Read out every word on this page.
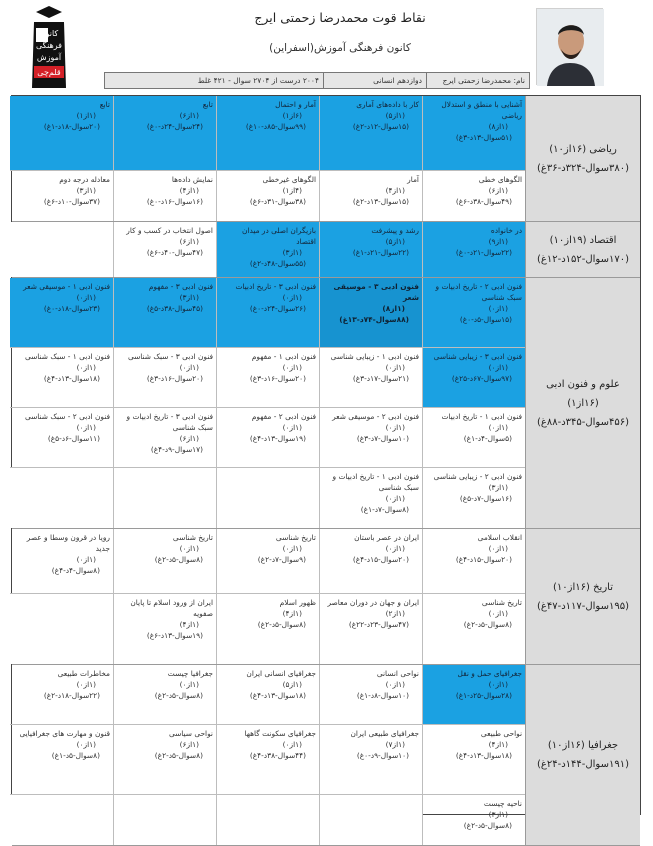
نقاط قوت محمدرضا زحمتی ایرج
کانون فرهنگی آموزش(اسفراین)
نام: محمدرضا زحمتی ایرج
دوازدهم انسانی
۲۰۰۴ درست از ۲۷۰۴ سوال - ۴۲۱ غلط
کانون
فرهنگی
آموزش
قلم‌چی
ریاضی (۱۶از۱۰) (۳۸۰سوال-۳۲۴د-۳۶غ)
آشنایی با منطق و استدلال ریاضی
(۱از۸)
(۵۱سوال-۱۳د-۳غ)
کار با داده‌های آماری
(۱از۵)
(۱۵سوال-۱۲د-۲غ)
آمار و احتمال
(۶از۱)
(۹۹سوال-۸۵د-۱۰غ)
تابع
(۱از۶)
(۲۴سوال-۲۴د-۰غ)
تابع
(۱از۱)
(۲۰سوال-۱۸د-۱غ)
الگوهای خطی
(۱از۶)
(۴۹سوال-۳۸د-۶غ)
آمار
(۱از۴)
(۱۵سوال-۱۳د-۲غ)
الگوهای غیرخطی
(۴از۱)
(۳۸سوال-۳۱د-۶غ)
نمایش داده‌ها
(۱از۴)
(۱۶سوال-۱۶د-۰غ)
معادله درجه دوم
(۱از۳)
(۳۷سوال-۱۰د-۶غ)
اقتصاد (۱۹از۱۰) (۱۷۰سوال-۱۵۲د-۱۲غ)
در خانواده
(۱از۹)
(۲۲سوال-۲۱د-۰غ)
رشد و پیشرفت
(۱از۵)
(۲۲سوال-۲۱د-۱غ)
بازیگران اصلی در میدان اقتصاد
(۱از۳)
(۵۵سوال-۴۸د-۲غ)
اصول انتخاب در کسب و کار
(۱از۶)
(۴۷سوال-۴۰د-۶غ)
علوم و فنون ادبی (۱۶از۱) (۴۵۶سوال-۳۴۵د-۸۸غ)
فنون ادبی ۲ - تاریخ ادبیات و سبک شناسی
(۱از۰)
(۱۵سوال-۵د-۰غ)
فنون ادبی ۳ - موسیقی شعر
(۱از۸)
(۸۸سوال-۷۴د-۱۳غ)
فنون ادبی ۳ - تاریخ ادبیات
(۱از۰)
(۲۶سوال-۲۴د-۰غ)
فنون ادبی ۳ - مفهوم
(۱از۳)
(۴۵سوال-۳۸د-۵غ)
فنون ادبی ۱ - موسیقی شعر
(۱از۰)
(۲۳سوال-۱۸د-۰غ)
فنون ادبی ۳ - زیبایی شناسی
(۱از۰)
(۹۷سوال-۶۷د-۲۵غ)
فنون ادبی ۱ - زیبایی شناسی
(۱از۰)
(۲۱سوال-۱۷د-۳غ)
فنون ادبی ۱ - مفهوم
(۱از۰)
(۲۰سوال-۱۶د-۳غ)
فنون ادبی ۳ - سبک شناسی
(۱از۰)
(۲۰سوال-۱۶د-۳غ)
فنون ادبی ۱ - سبک شناسی
(۱از۰)
(۱۸سوال-۱۳د-۴غ)
فنون ادبی ۱ - تاریخ ادبیات
(۱از۰)
(۵سوال-۴د-۱غ)
فنون ادبی ۲ - موسیقی شعر
(۱از۰)
(۱۰سوال-۷د-۳غ)
فنون ادبی ۲ - مفهوم
(۱از۰)
(۱۹سوال-۱۳د-۴غ)
فنون ادبی ۳ - تاریخ ادبیات و سبک شناسی
(۱از۶)
(۱۷سوال-۹د-۴غ)
فنون ادبی ۲ - سبک شناسی
(۱از۰)
(۱۱سوال-۶د-۵غ)
فنون ادبی ۲ - زیبایی شناسی
(۱از۳)
(۱۶سوال-۷د-۵غ)
فنون ادبی ۱ - تاریخ ادبیات و سبک شناسی
(۱از۰)
(۸سوال-۷د-۱غ)
تاریخ (۱۶از۱۰) (۱۹۵سوال-۱۱۷د-۴۷غ)
انقلاب اسلامی
(۱از۰)
(۲۰سوال-۱۵د-۴غ)
ایران در عصر باستان
(۱از۰)
(۲۰سوال-۱۵د-۴غ)
تاریخ شناسی
(۱از۰)
(۹سوال-۷د-۲غ)
تاریخ شناسی
(۱از۰)
(۸سوال-۵د-۲غ)
رویا در قرون وسطا و عصر جدید
(۱از۰)
(۸سوال-۴د-۴غ)
تاریخ شناسی
(۱از۰)
(۸سوال-۵د-۲غ)
ایران و جهان در دوران معاصر
(۱از۲)
(۴۷سوال-۲۳د-۲۲غ)
ظهور اسلام
(۱از۴)
(۸سوال-۵د-۲غ)
ایران از ورود اسلام تا پایان صفویه
(۱از۴)
(۱۹سوال-۱۳د-۶غ)
جغرافیا (۱۶از۱۰) (۱۹۱سوال-۱۴۴د-۲۴غ)
جغرافیای حمل و نقل
(۱از۰)
(۲۸سوال-۲۵د-۱غ)
نواحی انسانی
(۱از۰)
(۱۰سوال-۸د-۱غ)
جغرافیای انسانی ایران
(۱از۵)
(۱۸سوال-۱۳د-۴غ)
جغرافیا چیست
(۱از۰)
(۸سوال-۵د-۲غ)
مخاطرات طبیعی
(۱از۰)
(۲۲سوال-۱۸د-۲غ)
نواحی طبیعی
(۱از۴)
(۱۸سوال-۱۳د-۴غ)
جغرافیای طبیعی ایران
(۱از۷)
(۱۰سوال-۹د-۰غ)
جغرافیای سکونت گاهها
(۱از۰)
(۴۴سوال-۳۸د-۴غ)
نواحی سیاسی
(۱از۶)
(۸سوال-۵د-۲غ)
قنون و مهارت های جغرافیایی
(۱از۰)
(۸سوال-۵د-۱غ)
ناحیه چیست
(۱از۳)
(۸سوال-۵د-۲غ)
